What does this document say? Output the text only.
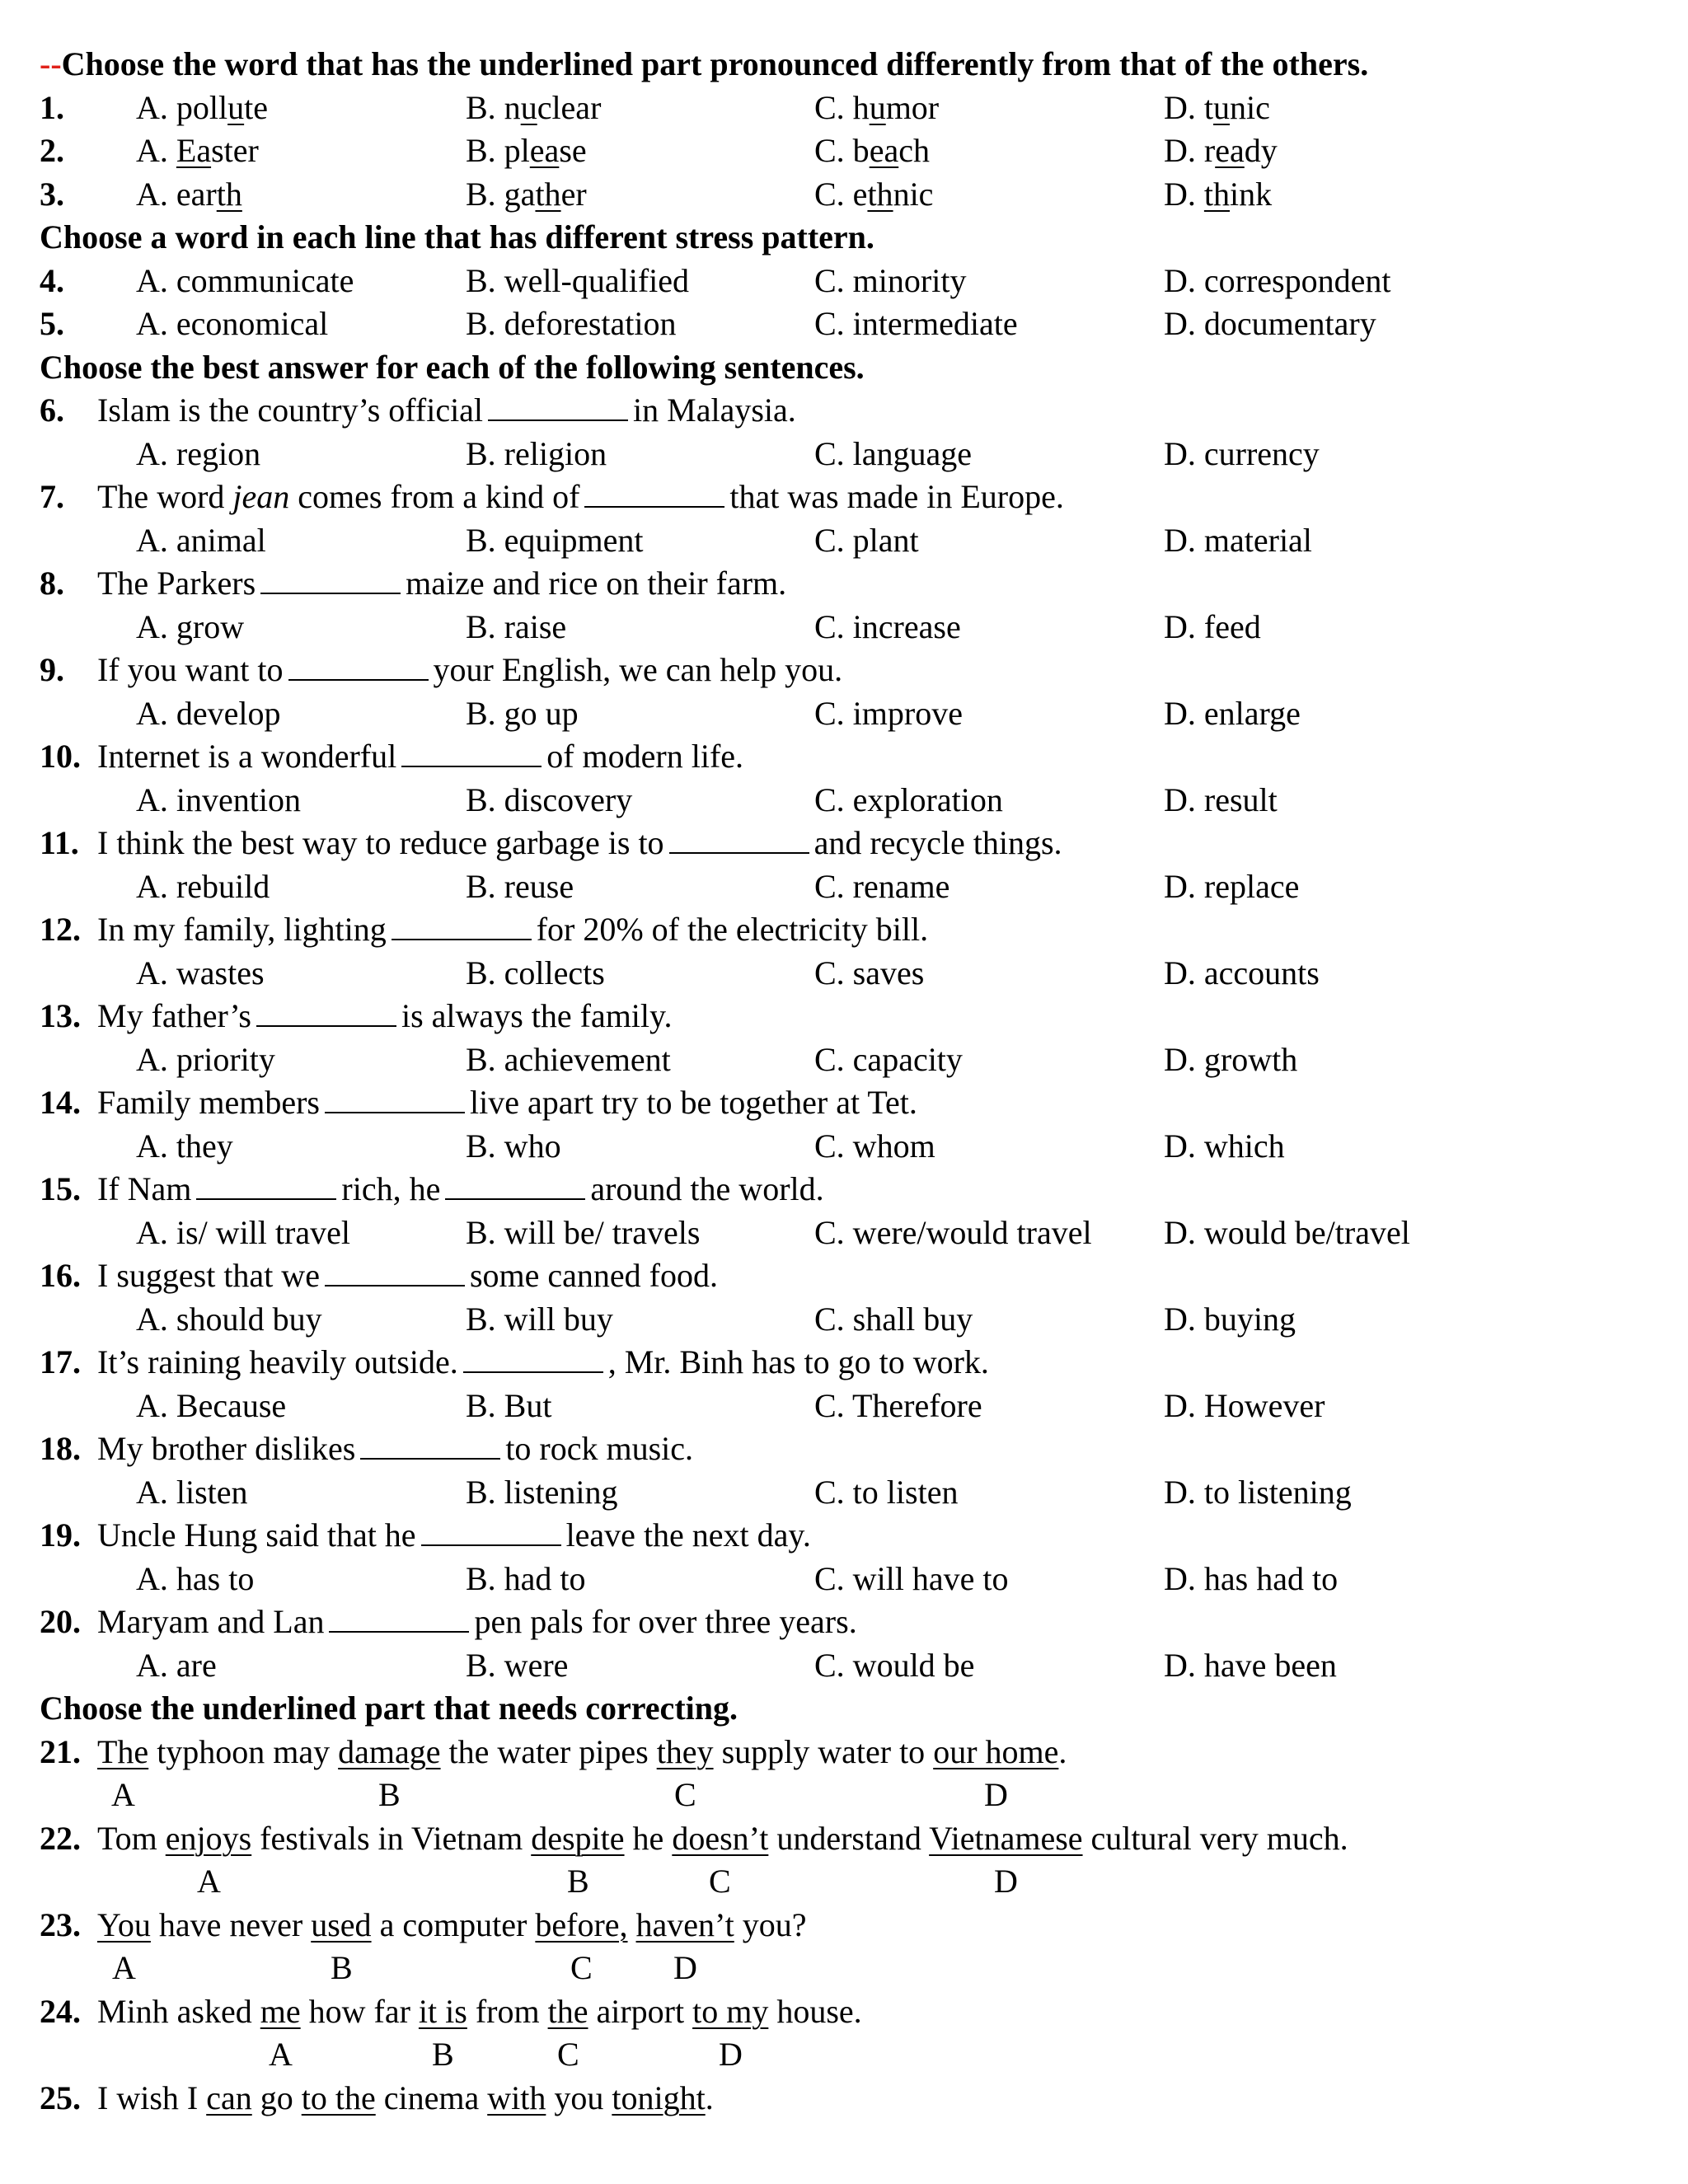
--Choose the word that has the underlined part pronounced differently from that of the others.
1. A. pollute	B. nuclear	C. humor	D. tunic
2. A. Easter	B. please	C. beach	D. ready
3. A. earth	B. gather	C. ethnic	D. think
Choose a word in each line that has different stress pattern.
4. A. communicate	B. well-qualified	C. minority	D. correspondent
5. A. economical	B. deforestation	C. intermediate	D. documentary
Choose the best answer for each of the following sentences.
6. Islam is the country’s official	in Malaysia.
A. region	B. religion	C. language	D. currency
7. The word jean comes from a kind of	that was made in Europe.
A. animal	B. equipment	C. plant	D. material
8. The Parkers	maize and rice on their farm.
A. grow	B. raise	C. increase	D. feed
9. If you want to	your English, we can help you.
A. develop	B. go up	C. improve	D. enlarge
10. Internet is a wonderful	of modern life.
A. invention	B. discovery	C. exploration	D. result
11. I think the best way to reduce garbage is to	and recycle things.
A. rebuild	B. reuse	C. rename	D. replace
12. In my family, lighting	for 20% of the electricity bill.
A. wastes	B. collects	C. saves	D. accounts
13. My father’s	is always the family.
A. priority	B. achievement	C. capacity	D. growth
14. Family members	live apart try to be together at Tet.
A. they	B. who	C. whom	D. which
15. If Nam	rich, he	around the world.
A. is/ will travel	B. will be/ travels	C. were/would travel D. would be/travel
16. I suggest that we	some canned food.
A. should buy	B. will buy	C. shall buy	D. buying
17. It’s raining heavily outside.	, Mr. Binh has to go to work.
A. Because	B. But	C. Therefore	D. However
18. My brother dislikes	to rock music.
A. listen	B. listening	C. to listen	D. to listening
19. Uncle Hung said that he	leave the next day.
A. has to	B. had to	C. will have to	D. has had to
20. Maryam and Lan	pen pals for over three years.
A. are	B. were	C. would be	D. have been
Choose the underlined part that needs correcting.
21. The typhoon may damage the water pipes they supply water to our home.
A	B	C	D
22. Tom enjoys festivals in Vietnam despite he doesn’t understand Vietnamese cultural very much.
A	B	C	D
23. You have never used a computer before, haven’t you?
A	B	C D
24. Minh asked me how far it is from the airport to my house.
A	B	C	D
25. I wish I can go to the cinema with you tonight.
